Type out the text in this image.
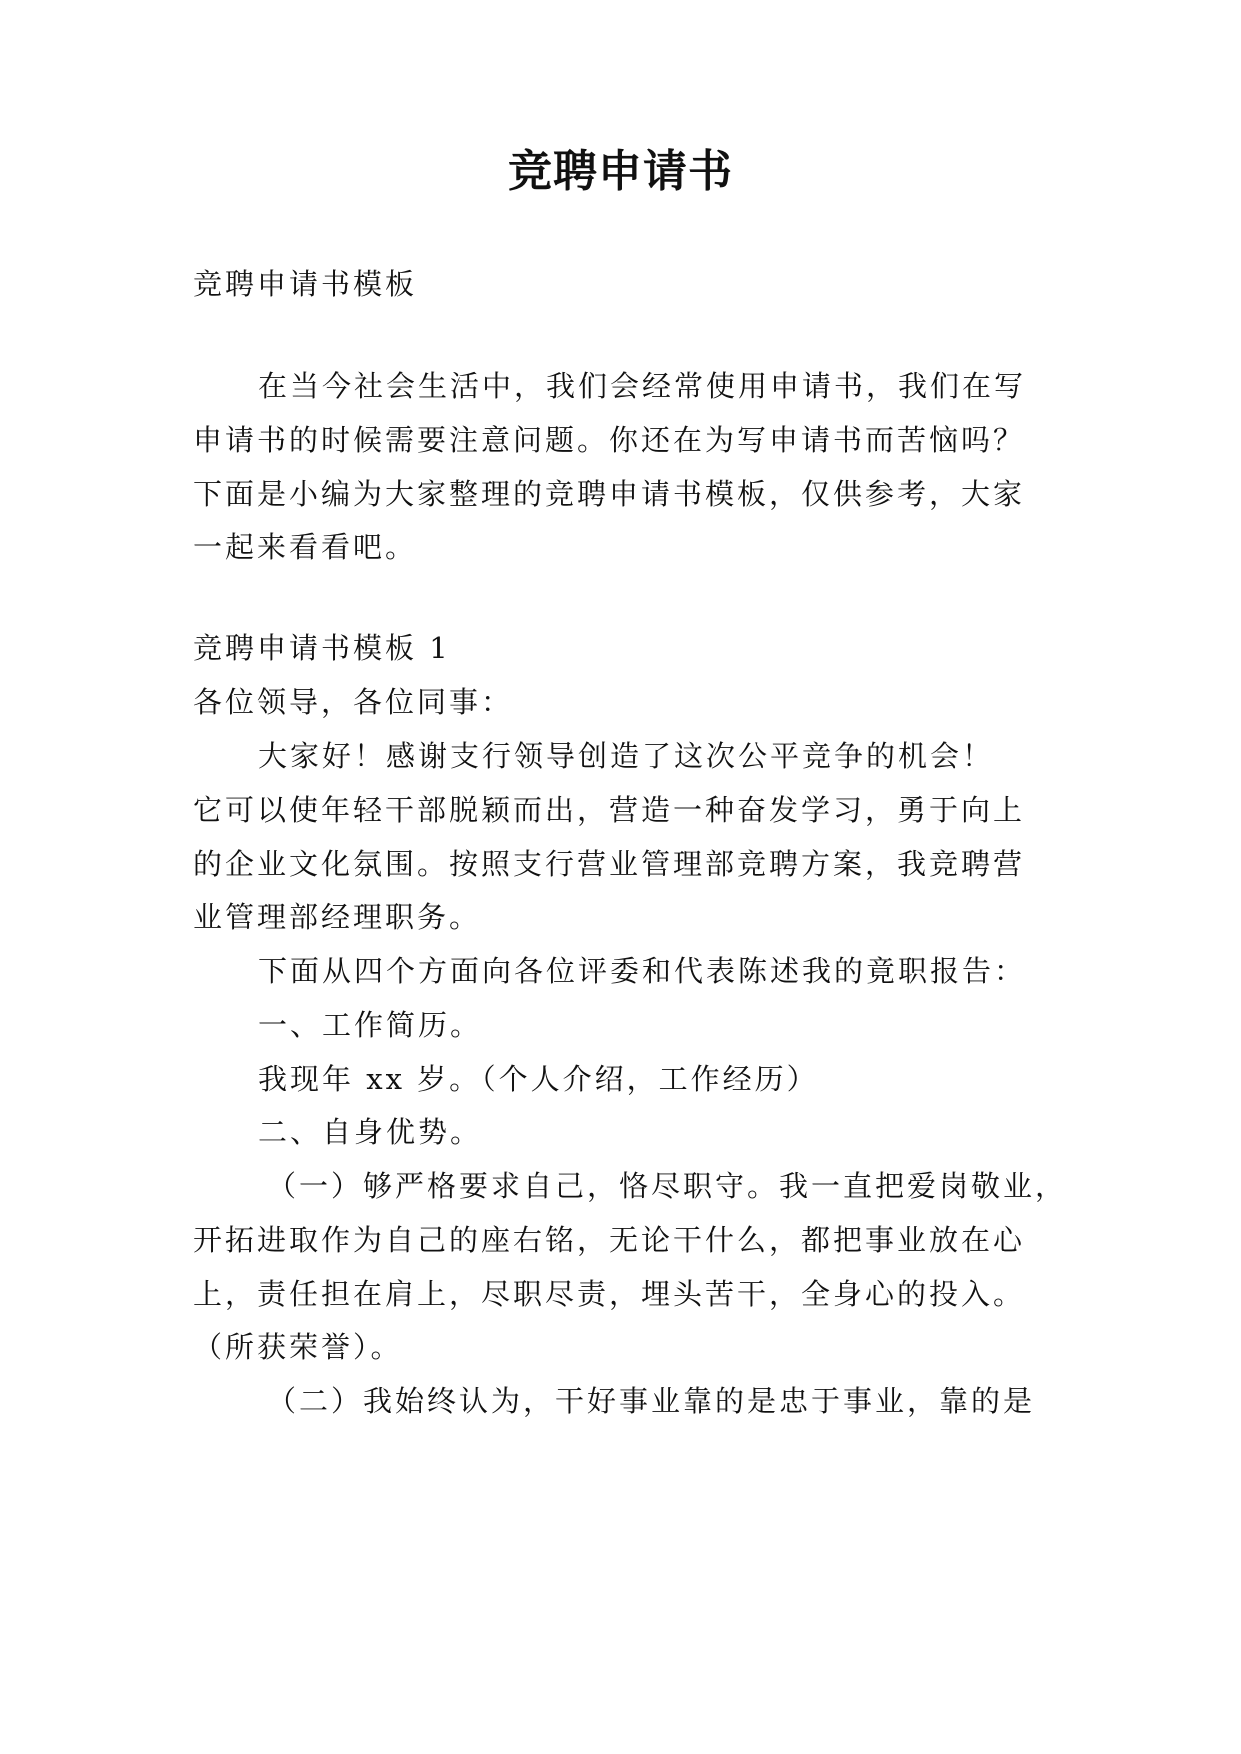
竞聘申请书
竞聘申请书模板
在当今社会生活中，我们会经常使用申请书，我们在写
申请书的时候需要注意问题。你还在为写申请书而苦恼吗？
下面是小编为大家整理的竞聘申请书模板，仅供参考，大家
一起来看看吧。
竞聘申请书模板 1
各位领导，各位同事：
大家好！感谢支行领导创造了这次公平竞争的机会！
它可以使年轻干部脱颖而出，营造一种奋发学习，勇于向上
的企业文化氛围。按照支行营业管理部竞聘方案，我竞聘营
业管理部经理职务。
下面从四个方面向各位评委和代表陈述我的竟职报告：
一、工作简历。
我现年 xx 岁。（个人介绍，工作经历）
二、自身优势。
（一）够严格要求自己，恪尽职守。我一直把爱岗敬业，
开拓进取作为自己的座右铭，无论干什么，都把事业放在心
上，责任担在肩上，尽职尽责，埋头苦干，全身心的投入。
（所获荣誉）。
（二）我始终认为，干好事业靠的是忠于事业，靠的是
